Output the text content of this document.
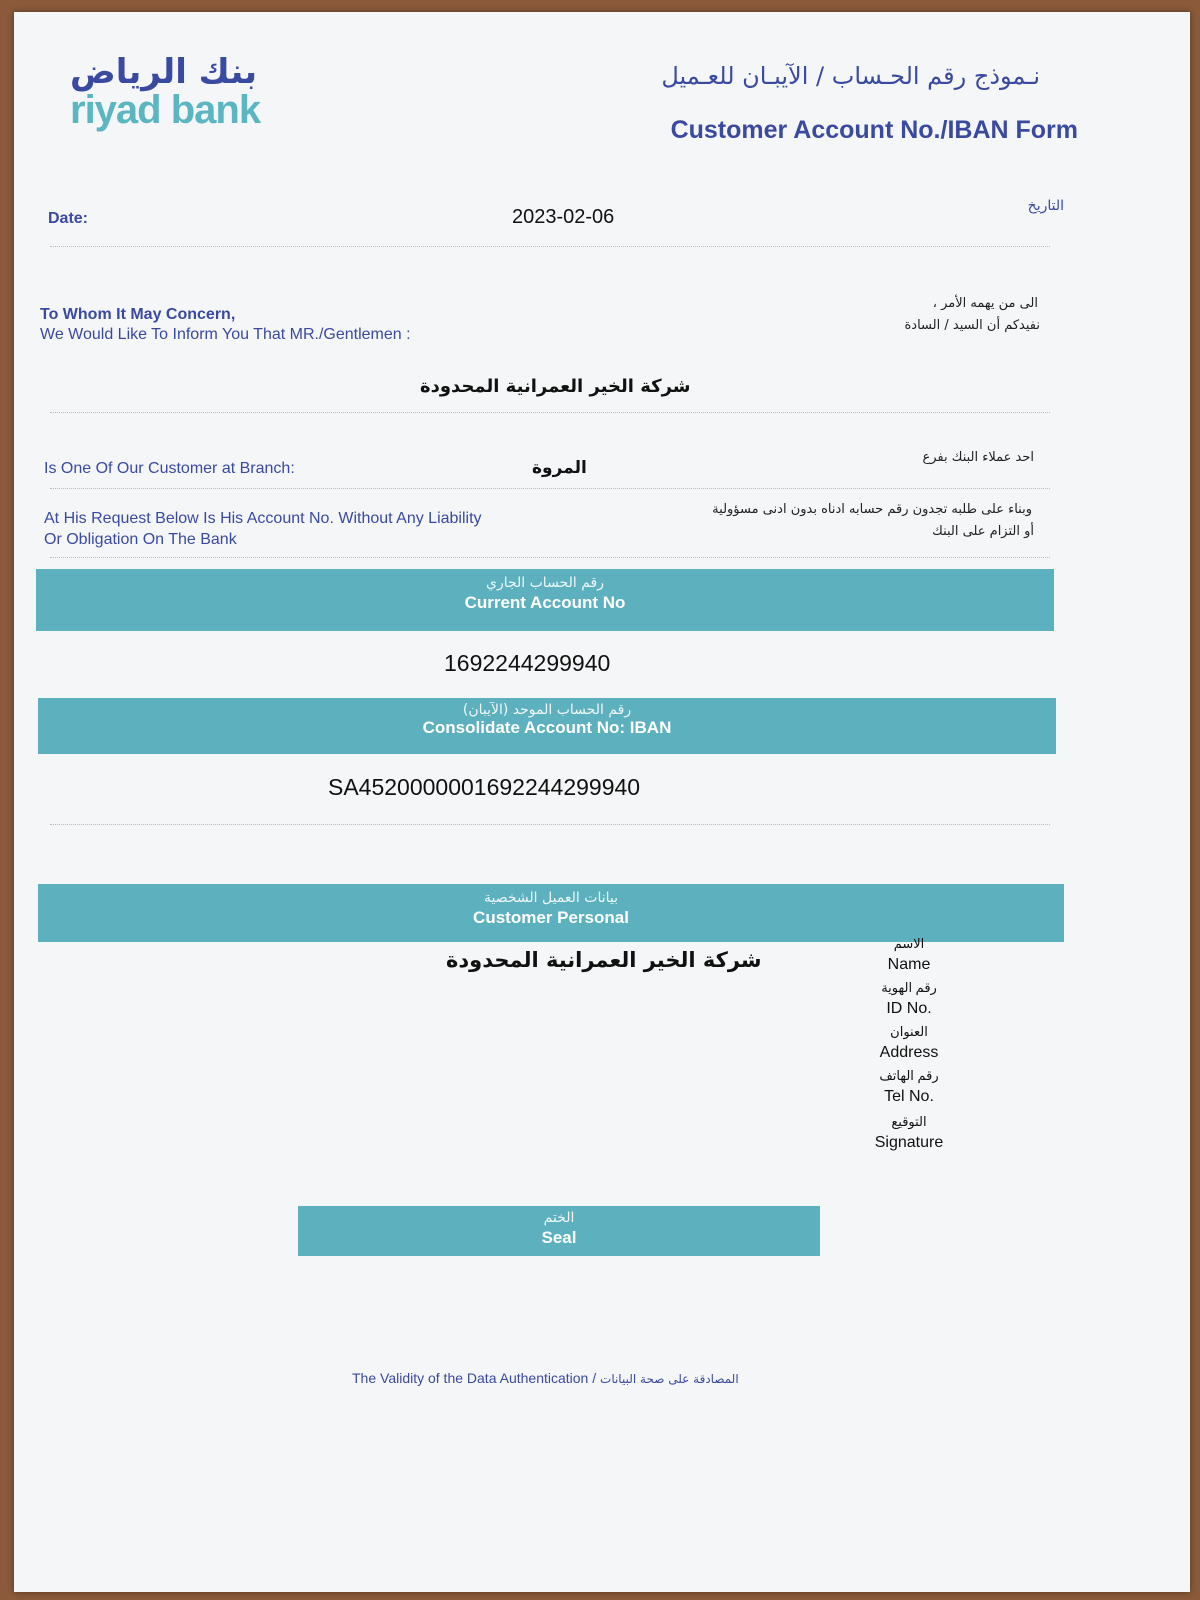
بنك الرياض
riyad bank
نـموذج رقم الحـساب / الآيبـان للعـميل
Customer Account No./IBAN Form
Date:	2023-02-06	التاريخ
To Whom It May Concern,
We Would Like To Inform You That MR./Gentlemen :
الى من يهمه الأمر ،
نفيدكم أن السيد / السادة
شركة الخير العمرانية المحدودة
Is One Of Our Customer at Branch:	المروة
احد عملاء البنك بفرع
At His Request Below Is His Account No. Without Any Liability
Or Obligation On The Bank
وبناء على طلبه تجدون رقم حسابه ادناه بدون ادنى مسؤولية
أو التزام على البنك
رقم الحساب الجاري
Current Account No
1692244299940
رقم الحساب الموحد (الآيبان)
Consolidate Account No: IBAN
SA4520000001692244299940
بيانات العميل الشخصية
Customer Personal
شركة الخير العمرانية المحدودة
الاسم
Name
رقم الهوية
ID No.
العنوان
Address
رقم الهاتف
Tel No.
التوقيع
Signature
الختم
Seal
The Validity of the Data Authentication / المصادقة على صحة البيانات
